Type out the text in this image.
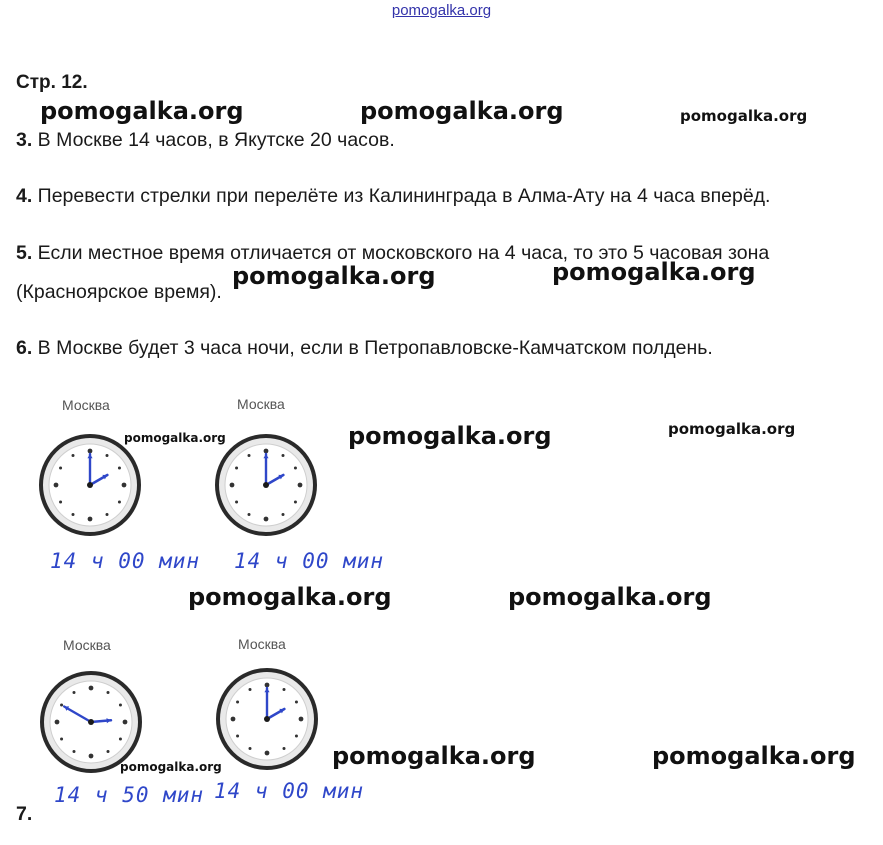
pomogalka.org
Стр. 12.
3. В Москве 14 часов, в Якутске 20 часов.
4. Перевести стрелки при перелёте из Калининграда в Алма-Ату на 4 часа вперёд.
5. Если местное время отличается от московского на 4 часа, то это 5 часовая зона
(Красноярское время).
6. В Москве будет 3 часа ночи, если в Петропавловске-Камчатском полдень.
7.
pomogalka.org	pomogalka.org	pomogalka.org
pomogalka.org	pomogalka.org
pomogalka.org	pomogalka.org	pomogalka.org
pomogalka.org	pomogalka.org
pomogalka.org	pomogalka.org
pomogalka.org
Москва	Москва
Москва	Москва
14 ч 00 мин 14 ч 00 мин
14 ч 50 мин 14 ч 00 мин
